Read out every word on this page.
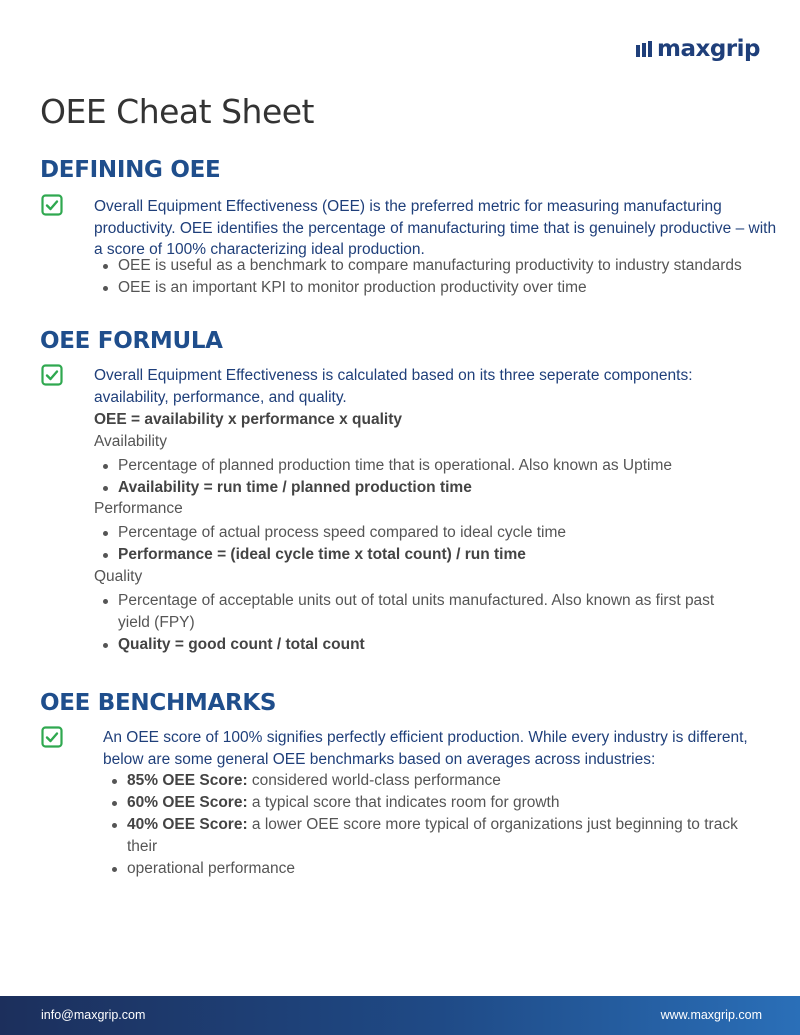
maxgrip
OEE Cheat Sheet
DEFINING OEE

Overall Equipment Effectiveness (OEE) is the preferred metric for measuring manufacturing productivity. OEE identifies the percentage of manufacturing time that is genuinely productive – with a score of 100% characterizing ideal production.

OEE is useful as a benchmark to compare manufacturing productivity to industry standards
OEE is an important KPI to monitor production productivity over time
OEE FORMULA

Overall Equipment Effectiveness is calculated based on its three seperate components: availability, performance, and quality.

OEE = availability x performance x quality

Availability

Percentage of planned production time that is operational. Also known as Uptime
Availability = run time / planned production time

Performance

Percentage of actual process speed compared to ideal cycle time
Performance = (ideal cycle time x total count) / run time

Quality

Percentage of acceptable units out of total units manufactured. Also known as first past yield (FPY)
Quality = good count / total count
OEE BENCHMARKS

An OEE score of 100% signifies perfectly efficient production. While every industry is different, below are some general OEE benchmarks based on averages across industries:

85% OEE Score: considered world-class performance
60% OEE Score: a typical score that indicates room for growth
40% OEE Score: a lower OEE score more typical of organizations just beginning to track their
operational performance
info@maxgrip.com	www.maxgrip.com
